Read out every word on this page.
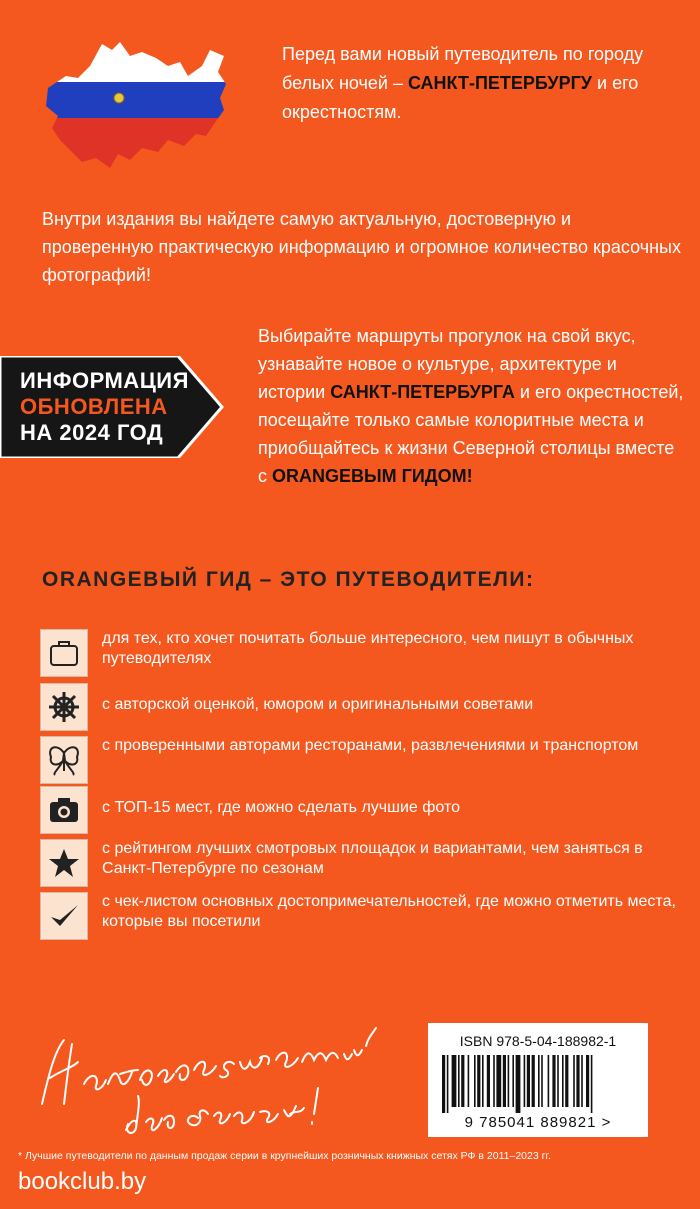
Перед вами новый путеводитель по городу белых ночей – САНКТ-ПЕТЕРБУРГУ и его окрестностям.
Внутри издания вы найдете самую актуальную, достоверную и проверенную практическую информацию и огромное количество красочных фотографий!
ИНФОРМАЦИЯ
ОБНОВЛЕНА
НА 2024 ГОД
Выбирайте маршруты прогулок на свой вкус, узнавайте новое о культуре, архитектуре и истории САНКТ-ПЕТЕРБУРГА и его окрестностей, посещайте только самые колоритные места и приобщайтесь к жизни Северной столицы вместе с ORANGEВЫМ ГИДОМ!
ORANGEВЫЙ ГИД – ЭТО ПУТЕВОДИТЕЛИ:
для тех, кто хочет почитать больше интересного, чем пишут в обычных путеводителях
с авторской оценкой, юмором и оригинальными советами
с проверенными авторами ресторанами, развлечениями и транспортом
с ТОП-15 мест, где можно сделать лучшие фото
с рейтингом лучших смотровых площадок и вариантами, чем заняться в Санкт-Петербурге по сезонам
с чек-листом основных достопримечательностей, где можно отметить места, которые вы посетили
ISBN 978-5-04-188982-1
9 785041 889821 >
* Лучшие путеводители по данным продаж серии в крупнейших розничных книжных сетях РФ в 2011–2023 гг.
bookclub.by
